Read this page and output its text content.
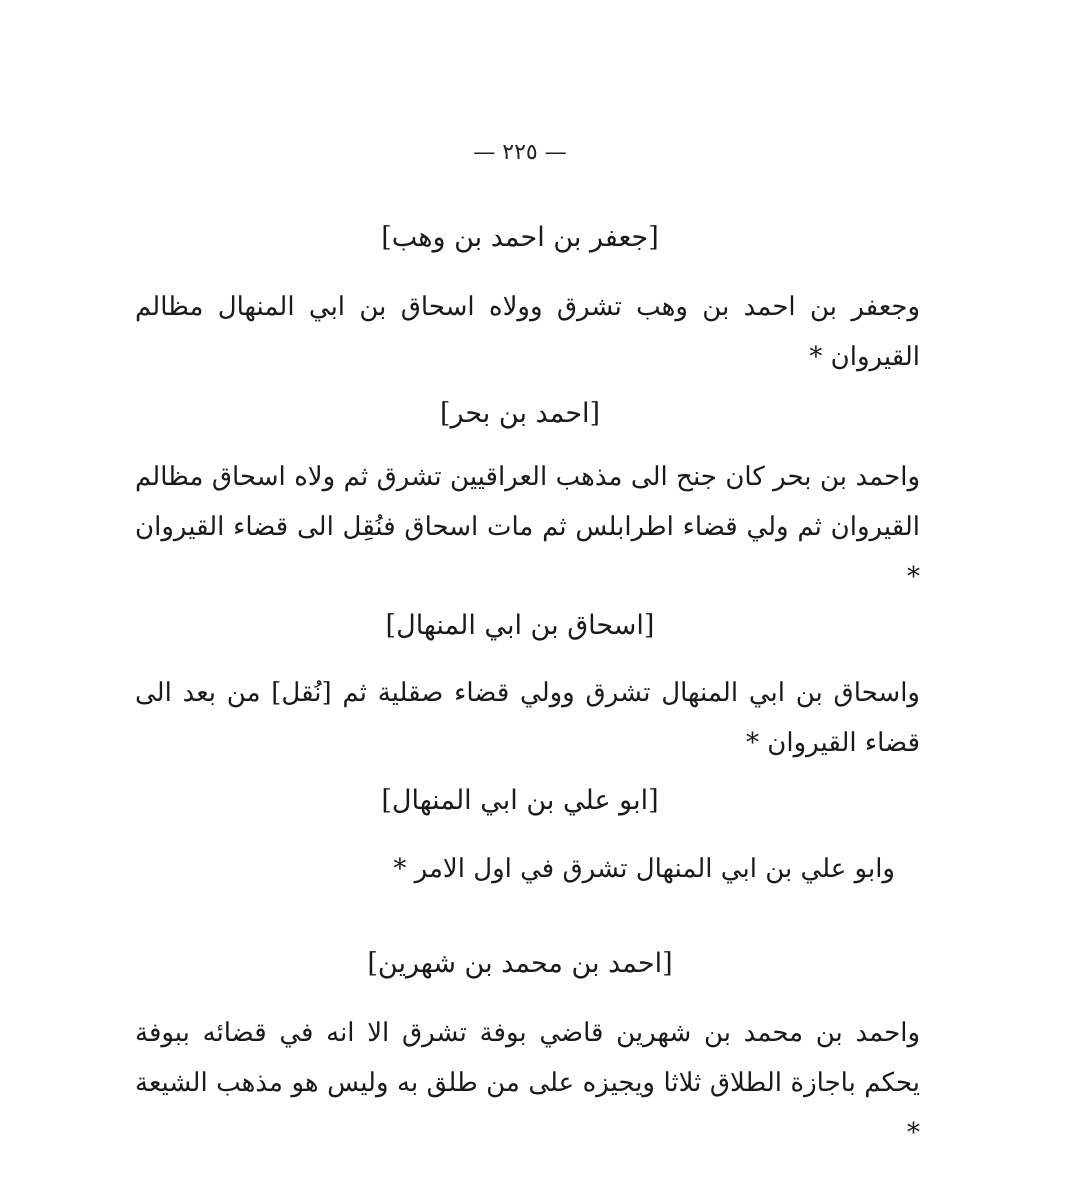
— ٢٢٥ —
[جعفر بن احمد بن وهب]
وجعفر بن احمد بن وهب تشرق وولاه اسحاق بن ابي المنهال مظالم القيروان *
[احمد بن بحر]
واحمد بن بحر كان جنح الى مذهب العراقيين تشرق ثم ولاه اسحاق مظالم القيروان ثم ولي قضاء اطرابلس ثم مات اسحاق فنُقِل الى قضاء القيروان *
[اسحاق بن ابي المنهال]
واسحاق بن ابي المنهال تشرق وولي قضاء صقلية ثم [نُقل] من بعد الى قضاء القيروان *
[ابو علي بن ابي المنهال]
وابو علي بن ابي المنهال تشرق في اول الامر *
[احمد بن محمد بن شهرين]
واحمد بن محمد بن شهرين قاضي بوفة تشرق الا انه في قضائه ببوفة يحكم باجازة الطلاق ثلاثا ويجيزه على من طلق به وليس هو مذهب الشيعة *
